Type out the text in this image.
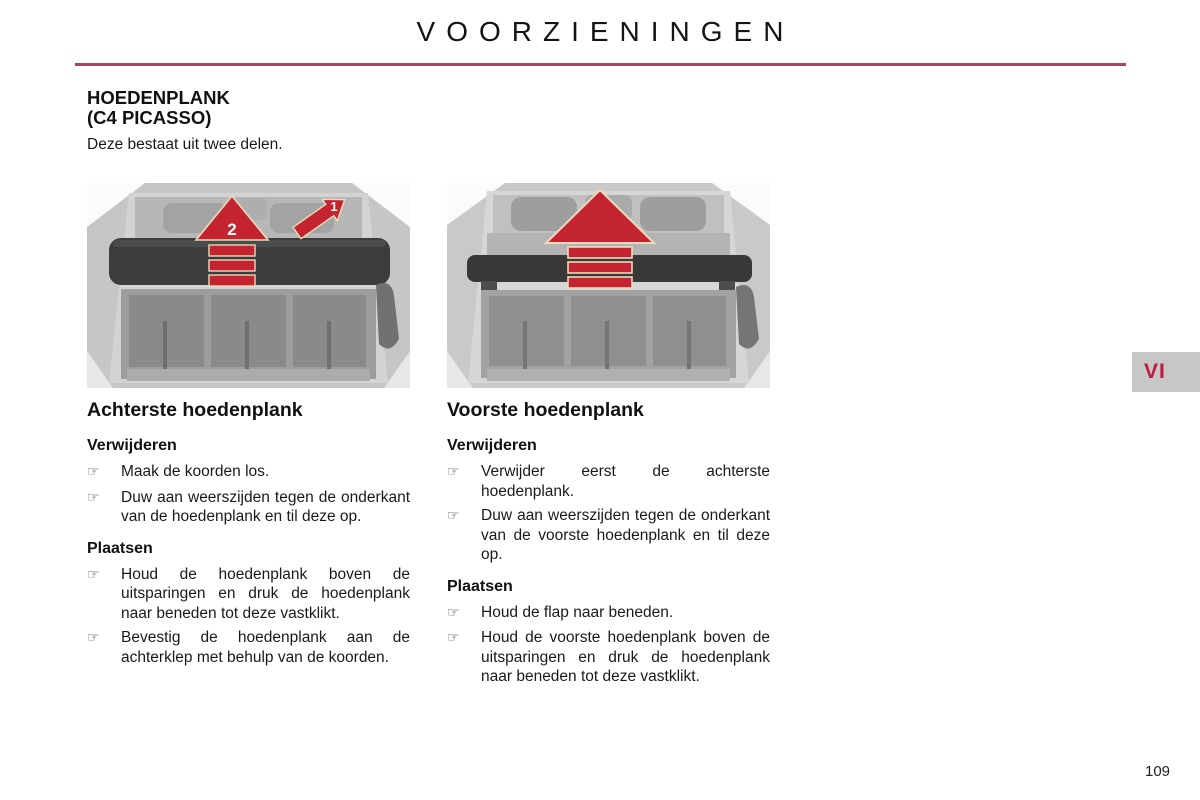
VOORZIENINGEN
HOEDENPLANK
(C4 PICASSO)
Deze bestaat uit twee delen.
2
1
VI
Achterste hoedenplank
Verwijderen
☞	Maak de koorden los.
☞	Duw aan weerszijden tegen de onderkant van de hoedenplank en til deze op.
Plaatsen
☞	Houd de hoedenplank boven de uitsparingen en druk de hoedenplank naar beneden tot deze vastklikt.
☞	Bevestig de hoedenplank aan de achterklep met behulp van de koorden.
Voorste hoedenplank
Verwijderen
☞	Verwijder eerst de achterste hoedenplank.
☞	Duw aan weerszijden tegen de onderkant van de voorste hoedenplank en til deze op.
Plaatsen
☞	Houd de flap naar beneden.
☞	Houd de voorste hoedenplank boven de uitsparingen en druk de hoedenplank naar beneden tot deze vastklikt.
109
